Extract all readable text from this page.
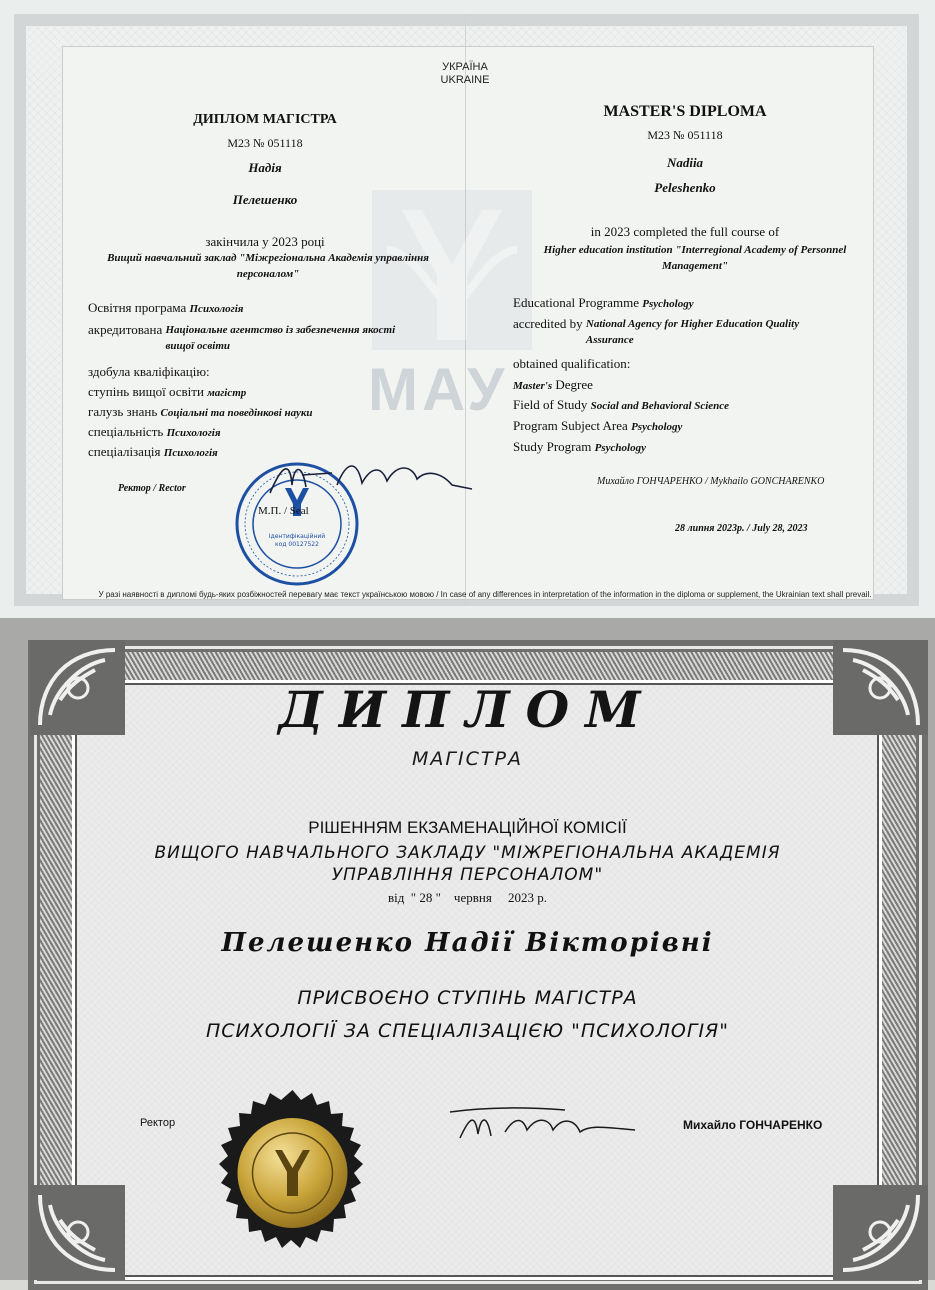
МАУ
УКРАЇНА
UKRAINE
ДИПЛОМ МАГІСТРА
M23 № 051118
Надія
Пелешенко
закінчила у 2023 році
Вищий навчальний заклад "Міжрегіональна Академія управління персоналом"
Освітня програма Психологія
акредитована Національне агентство із забезпечення якості вищої освіти
здобула кваліфікацію:
ступінь вищої освіти магістр
галузь знань Соціальні та поведінкові науки
спеціальність Психологія
спеціалізація Психологія
Ректор / Rector
Ідентифікаційний
код 00127522
М.П. / Seal
MASTER'S DIPLOMA
M23 № 051118
Nadiia
Peleshenko
in 2023 completed the full course of
Higher education institution "Interregional Academy of Personnel Management"
Educational Programme Psychology
accredited by National Agency for Higher Education Quality Assurance
obtained qualification:
Master's Degree
Field of Study Social and Behavioral Science
Program Subject Area Psychology
Study Program Psychology
Михайло ГОНЧАРЕНКО / Mykhailo GONCHARENKO
28 липня 2023р. / July 28, 2023
У разі наявності в дипломі будь-яких розбіжностей перевагу має текст українською мовою / In case of any differences in interpretation of the information in the diploma or supplement, the Ukrainian text shall prevail.
ДИПЛОМ
МАГІСТРА
РІШЕННЯМ ЕКЗАМЕНАЦІЙНОЇ КОМІСІЇ
ВИЩОГО НАВЧАЛЬНОГО ЗАКЛАДУ "МІЖРЕГІОНАЛЬНА АКАДЕМІЯ
УПРАВЛІННЯ ПЕРСОНАЛОМ"
від  " 28 "    червня     2023 р.
Пелешенко Надії Вікторівні
ПРИСВОЄНО СТУПІНЬ МАГІСТРА
ПСИХОЛОГІЇ ЗА СПЕЦІАЛІЗАЦІЄЮ "ПСИХОЛОГІЯ"
Ректор	Михайло ГОНЧАРЕНКО
